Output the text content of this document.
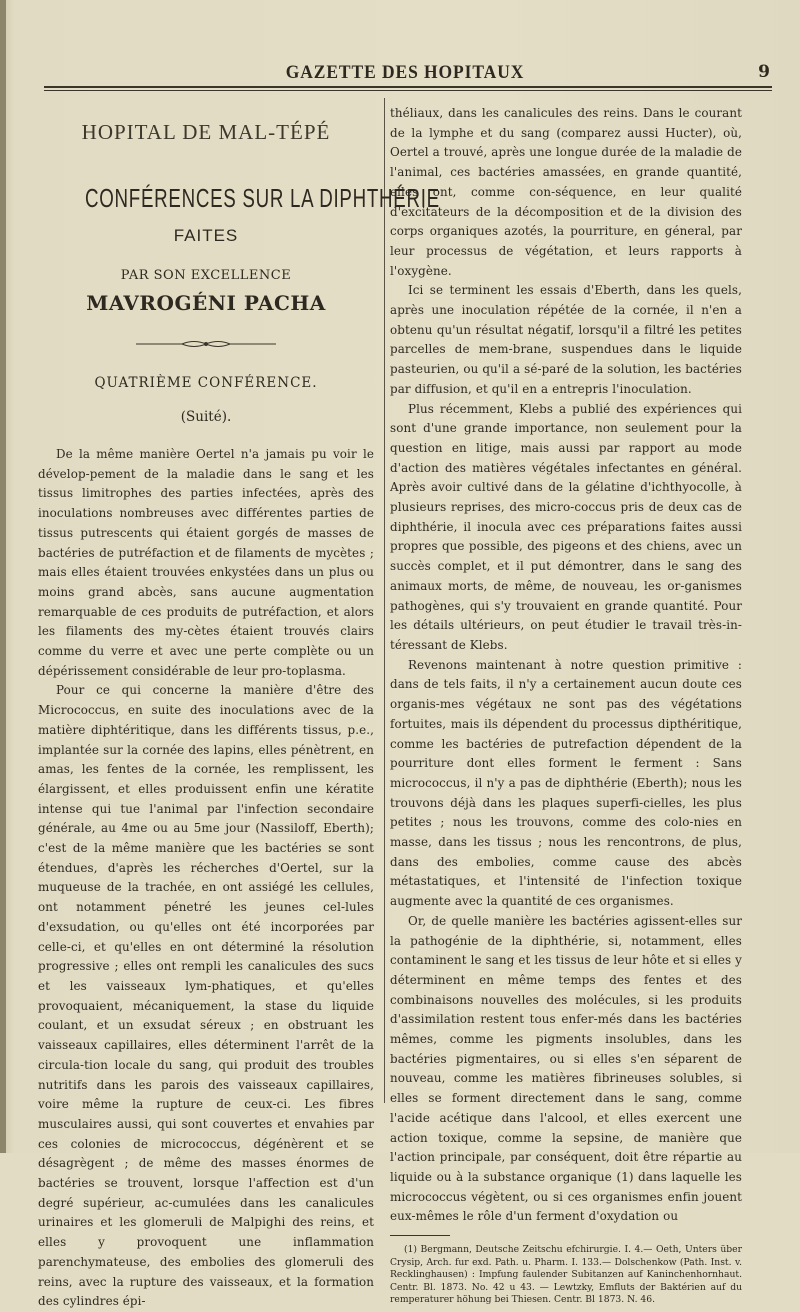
GAZETTE DES HOPITAUX	9
HOPITAL DE MAL-TÉPÉ
CONFÉRENCES SUR LA DIPHTHÉRIE
FAITES
PAR SON EXCELLENCE
MAVROGÉNI PACHA
QUATRIÈME CONFÉRENCE.
(Suité).

De la même manière Oertel n'a jamais pu voir le dévelop-pement de la maladie dans le sang et les tissus limitrophes des parties infectées, après des inoculations nombreuses avec différentes parties de tissus putrescents qui étaient gorgés de masses de bactéries de putréfaction et de filaments de mycètes ; mais elles étaient trouvées enkystées dans un plus ou moins grand abcès, sans aucune augmentation remarquable de ces produits de putréfaction, et alors les filaments des my-cètes étaient trouvés clairs comme du verre et avec une perte complète ou un dépérissement considérable de leur pro-toplasma.

Pour ce qui concerne la manière d'être des Micrococcus, en suite des inoculations avec de la matière diphtéritique, dans les différents tissus, p.e., implantée sur la cornée des lapins, elles pénètrent, en amas, les fentes de la cornée, les remplissent, les élargissent, et elles produissent enfin une kératite intense qui tue l'animal par l'infection secondaire générale, au 4me ou au 5me jour (Nassiloff, Eberth); c'est de la même manière que les bactéries se sont étendues, d'après les récherches d'Oertel, sur la muqueuse de la trachée, en ont assiégé les cellules, ont notamment pénetré les jeunes cel-lules d'exsudation, ou qu'elles ont été incorporées par celle-ci, et qu'elles en ont déterminé la résolution progressive ; elles ont rempli les canalicules des sucs et les vaisseaux lym-phatiques, et qu'elles provoquaient, mécaniquement, la stase du liquide coulant, et un exsudat séreux ; en obstruant les vaisseaux capillaires, elles déterminent l'arrêt de la circula-tion locale du sang, qui produit des troubles nutritifs dans les parois des vaisseaux capillaires, voire même la rupture de ceux-ci. Les fibres musculaires aussi, qui sont couvertes et envahies par ces colonies de micrococcus, dégénèrent et se désagrègent ; de même des masses énormes de bactéries se trouvent, lorsque l'affection est d'un degré supérieur, ac-cumulées dans les canalicules urinaires et les glomeruli de Malpighi des reins, et elles y provoquent une inflammation parenchymateuse, des embolies des glomeruli des reins, avec la rupture des vaisseaux, et la formation des cylindres épi-

théliaux, dans les canalicules des reins. Dans le courant de la lymphe et du sang (comparez aussi Hucter), où, Oertel a trouvé, après une longue durée de la maladie de l'animal, ces bactéries amassées, en grande quantité, elles ont, comme con-séquence, en leur qualité d'excitateurs de la décomposition et de la division des corps organiques azotés, la pourriture, en géneral, par leur processus de végétation, et leurs rapports à l'oxygène.

Ici se terminent les essais d'Eberth, dans les quels, après une inoculation répétée de la cornée, il n'en a obtenu qu'un résultat négatif, lorsqu'il a filtré les petites parcelles de mem-brane, suspendues dans le liquide pasteurien, ou qu'il a sé-paré de la solution, les bactéries par diffusion, et qu'il en a entrepris l'inoculation.

Plus récemment, Klebs a publié des expériences qui sont d'une grande importance, non seulement pour la question en litige, mais aussi par rapport au mode d'action des matières végétales infectantes en général. Après avoir cultivé dans de la gélatine d'ichthyocolle, à plusieurs reprises, des micro-coccus pris de deux cas de diphthérie, il inocula avec ces préparations faites aussi propres que possible, des pigeons et des chiens, avec un succès complet, et il put démontrer, dans le sang des animaux morts, de même, de nouveau, les or-ganismes pathogènes, qui s'y trouvaient en grande quantité. Pour les détails ultérieurs, on peut étudier le travail très-in-téressant de Klebs.

Revenons maintenant à notre question primitive : dans de tels faits, il n'y a certainement aucun doute ces organis-mes végétaux ne sont pas des végétations fortuites, mais ils dépendent du processus dipthéritique, comme les bactéries de putrefaction dépendent de la pourriture dont elles forment le ferment : Sans micrococcus, il n'y a pas de diphthérie (Eberth); nous les trouvons déjà dans les plaques superfi-cielles, les plus petites ; nous les trouvons, comme des colo-nies en masse, dans les tissus ; nous les rencontrons, de plus, dans des embolies, comme cause des abcès métastatiques, et l'intensité de l'infection toxique augmente avec la quantité de ces organismes.

Or, de quelle manière les bactéries agissent-elles sur la pathogénie de la diphthérie, si, notamment, elles contaminent le sang et les tissus de leur hôte et si elles y déterminent en même temps des fentes et des combinaisons nouvelles des molécules, si les produits d'assimilation restent tous enfer-més dans les bactéries mêmes, comme les pigments insolubles, dans les bactéries pigmentaires, ou si elles s'en séparent de nouveau, comme les matières fibrineuses solubles, si elles se forment directement dans le sang, comme l'acide acétique dans l'alcool, et elles exercent une action toxique, comme la sepsine, de manière que l'action principale, par conséquent, doit être répartie au liquide ou à la substance organique (1) dans laquelle les micrococcus végètent, ou si ces organismes enfin jouent eux-mêmes le rôle d'un ferment d'oxydation ou

(1) Bergmann, Deutsche Zeitschu efchirurgie. I. 4.— Oeth, Unters über Crysip, Arch. fur exd. Path. u. Pharm. I. 133.— Dolschenkow (Path. Inst. v. Recklinghausen) : Impfung faulender Subitanzen auf Kaninchenhornhaut. Centr. Bl. 1873. No. 42 u 43. — Lewtzky, Emfluts der Baktérien auf du remperaturer höhung bei Thiesen. Centr. Bl 1873. N. 46.
